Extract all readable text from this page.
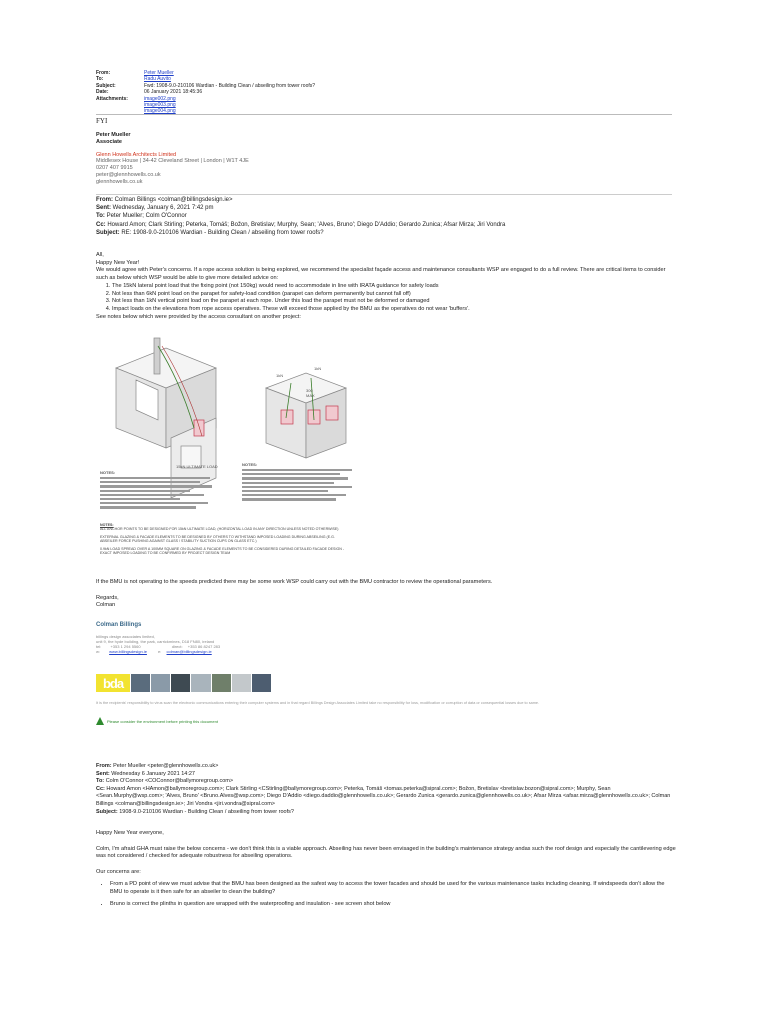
From:	Peter Mueller
To:	Radu Auvito
Subject:	Fwd: 1908-9.0-210106 Wardian - Building Clean / abseiling from tower roofs?
Date:	06 January 2021 18:45:36
Attachments:	image002.png
image003.png
image004.png
FYI
Peter Mueller
Associate
Glenn Howells Architects Limited
Middlesex House | 34-42 Cleveland Street | London | W1T 4JE
0207 407 9915
peter@glennhowells.co.uk
glennhowells.co.uk
From: Colman Billings <colman@billingsdesign.ie>
Sent: Wednesday, January 6, 2021 7:42 pm
To: Peter Mueller; Colm O'Connor
Cc: Howard Amon; Clark Stirling; Peterka, Tomáš; Božon, Bretislav; Murphy, Sean; 'Alves, Bruno'; Diego D'Addio; Gerardo Zunica; Afsar Mirza; Jiri Vondra
Subject: RE: 1908-9.0-210106 Wardian - Building Clean / abseiling from tower roofs?
All,
Happy New Year!
We would agree with Peter's concerns. If a rope access solution is being explored, we recommend the specialist façade access and maintenance consultants WSP are engaged to do a full review. There are critical items to consider such as below which WSP would be able to give more detailed advice on:
1. The 15kN lateral point load that the fixing point (not 150kg) would need to accommodate in line with IRATA guidance for safety loads
2. Not less than 6kN point load on the parapet for safety-load condition (parapet can deform permanently but cannot fall off)
3. Not less than 1kN vertical point load on the parapet at each rope. Under this load the parapet must not be deformed or damaged
4. Impact loads on the elevations from rope access operatives. These will exceed those applied by the BMU as the operatives do not wear 'buffers'.
See notes below which were provided by the access consultant on another project:
1kN
1kN
300 MAX
15kN ULTIMATE LOAD
NOTES:
NOTES:
NOTES:
ALL ANCHOR POINTS TO BE DESIGNED FOR 15kN ULTIMATE LOAD, (HORIZONTAL LOAD IN ANY DIRECTION UNLESS NOTED OTHERWISE)
EXTERNAL GLAZING & FACADE ELEMENTS TO BE DESIGNED BY OTHERS TO WITHSTAND IMPOSED LOADING DURING ABSEILING (E.G. ABSEILER FORCE PUSHING AGAINST GLASS / STABILITY SUCTION CUPS ON GLASS ETC.)
0.9kN LOAD SPREAD OVER A 100MM SQUARE ON GLAZING & FACADE ELEMENTS TO BE CONSIDERED DURING DETAILED FACADE DESIGN - EXACT IMPOSED LOADING TO BE CONFIRMED BY PROJECT DESIGN TEAM
If the BMU is not operating to the speeds predicted there may be some work WSP could carry out with the BMU contractor to review the operational parameters.
Regards,
Colman
Colman Billings
billings design associates limited,
unit 9, the hyde building, the park, carrickmines, D18 FN80, ireland
tel: +353 1 294 5560	direct: +353 86 8247 283
w: www.billingsdesign.ie	e: colman@billingsdesign.ie
bda
It is the recipients' responsibility to virus scan the electronic communications entering their computer systems and in that regard Billings Design Associates Limited take no responsibility for loss, modification or corruption of data or consequential losses due to same.
Please consider the environment before printing this document
From: Peter Mueller <peter@glennhowells.co.uk>
Sent: Wednesday 6 January 2021 14:27
To: Colm O'Connor <COConnor@ballymoregroup.com>
Cc: Howard Amon <HAmon@ballymoregroup.com>; Clark Stirling <CStirling@ballymoregroup.com>; Peterka, Tomáš <tomas.peterka@sipral.com>; Božon, Bretislav <bretislav.bozon@sipral.com>; Murphy, Sean <Sean.Murphy@wsp.com>; 'Alves, Bruno' <Bruno.Alves@wsp.com>; Diego D'Addio <diego.daddio@glennhowells.co.uk>; Gerardo Zunica <gerardo.zunica@glennhowells.co.uk>; Afsar Mirza <afsar.mirza@glennhowells.co.uk>; Colman Billings <colman@billingsdesign.ie>; Jiri Vondra <jiri.vondra@sipral.com>
Subject: 1908-9.0-210106 Wardian - Building Clean / abseiling from tower roofs?
Happy New Year everyone,
Colm, I'm afraid GHA must raise the below concerns - we don't think this is a viable approach. Abseiling has never been envisaged in the building's maintenance strategy andas such the roof design and especially the cantilevering edge was not considered / checked for adequate robustness for abseiling operations.
Our concerns are:
• From a PD point of view we must advise that the BMU has been designed as the safest way to access the tower facades and should be used for the various maintenance tasks including cleaning. If windspeeds don't allow the BMU to operate is it then safe for an abseiler to clean the building?
• Bruno is correct the plinths in question are wrapped with the waterproofing and insulation - see screen shot below
